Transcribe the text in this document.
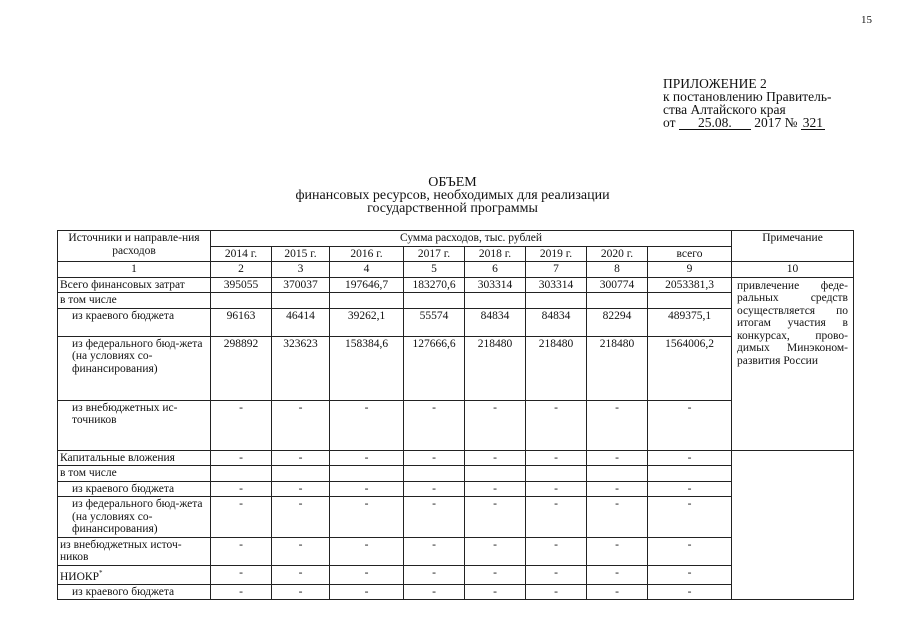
15
ПРИЛОЖЕНИЕ 2
к постановлению Правитель-
ства Алтайского края
от 25.08. 2017 № 321
ОБЪЕМ
финансовых ресурсов, необходимых для реализации
государственной программы
Источники и направле-ния расходов	Сумма расходов, тыс. рублей								Примечание
	2014 г.	2015 г.	2016 г.	2017 г.	2018 г.	2019 г.	2020 г.	всего	
1	2	3	4	5	6	7	8	9	10
Всего финансовых затрат	395055	370037	197646,7	183270,6	303314	303314	300774	2053381,3	привлечение феде-ральных средств осуществляется по итогам участия в конкурсах, прово-димых Минэконом-развития России
в том числе									
из краевого бюджета	96163	46414	39262,1	55574	84834	84834	82294	489375,1	
из федерального бюд-жета (на условиях со-финансирования)	298892	323623	158384,6	127666,6	218480	218480	218480	1564006,2	
из внебюджетных ис-точников	-	-	-	-	-	-	-	-	
Капитальные вложения	-	-	-	-	-	-	-	-	
в том числе									
из краевого бюджета	-	-	-	-	-	-	-	-	
из федерального бюд-жета (на условиях со-финансирования)	-	-	-	-	-	-	-	-	
из внебюджетных источ-ников	-	-	-	-	-	-	-	-	
НИОКР*	-	-	-	-	-	-	-	-	
из краевого бюджета	-	-	-	-	-	-	-	-	
